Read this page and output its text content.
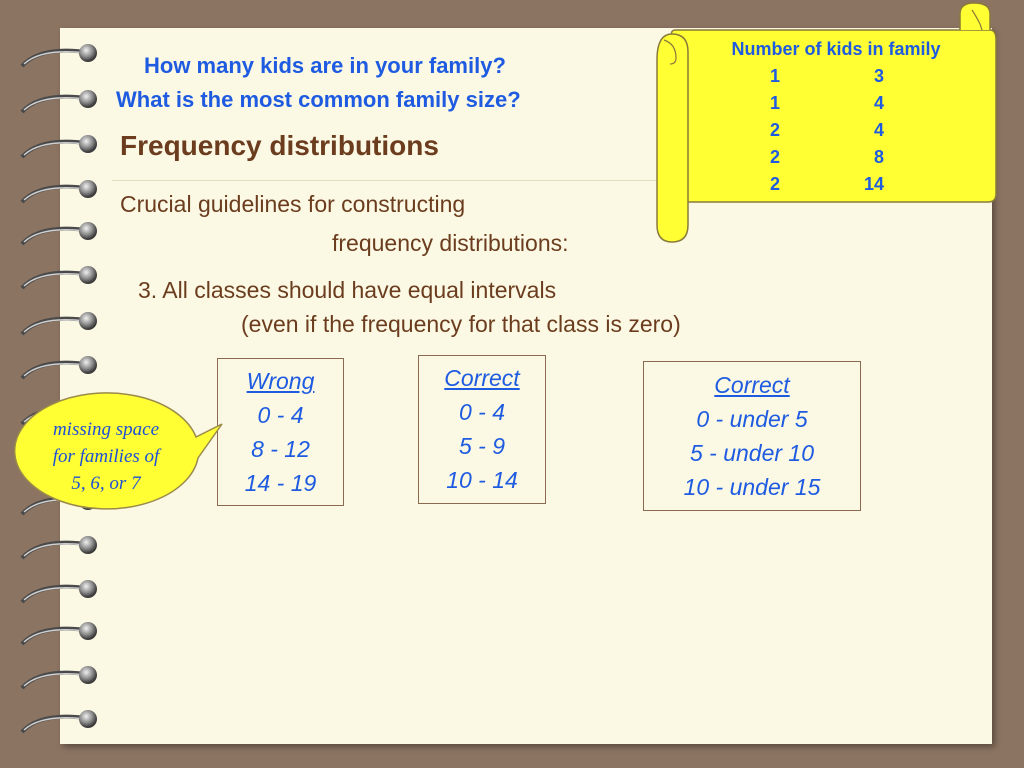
How many kids are in your family?
What is the most common family size?
Frequency distributions
Crucial guidelines for constructing
frequency distributions:
3. All classes should have equal intervals
(even if the frequency for that class is zero)
Wrong
0 - 4
8 - 12
14 - 19
Correct
0 - 4
5 - 9
10 - 14
Correct
0 - under 5
5 - under 10
10 - under 15
missing space
for families of
5, 6, or 7
Number of kids in family
1	3
1	4
2	4
2	8
2	14
